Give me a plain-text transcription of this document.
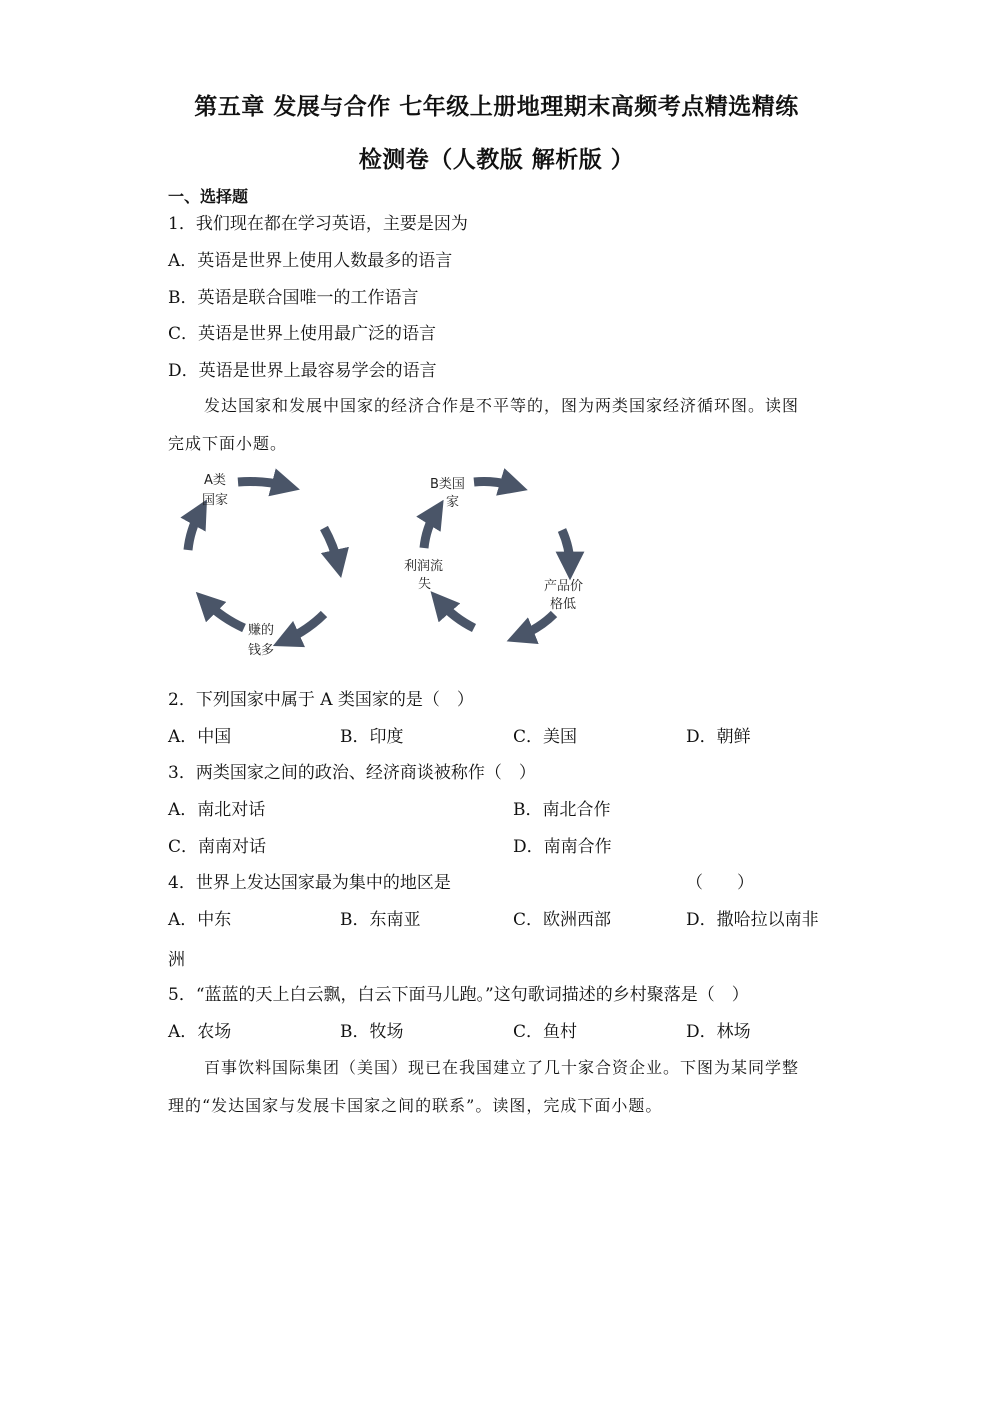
第五章 发展与合作 七年级上册地理期末高频考点精选精练
检测卷（人教版 解析版 ）
一、选择题
1．我们现在都在学习英语，主要是因为
A．英语是世界上使用人数最多的语言
B．英语是联合国唯一的工作语言
C．英语是世界上使用最广泛的语言
D．英语是世界上最容易学会的语言
发达国家和发展中国家的经济合作是不平等的，图为两类国家经济循环图。读图
完成下面小题。
A类
国家
赚的
钱多
B类国
家
利润流
失	产品价
格低
2．下列国家中属于 A 类国家的是（　）
A．中国	B．印度	C．美国	D．朝鲜
3．两类国家之间的政治、经济商谈被称作（　）
A．南北对话	B．南北合作
C．南南对话	D．南南合作
4．世界上发达国家最为集中的地区是	（　　）
A．中东	B．东南亚	C．欧洲西部	D．撒哈拉以南非
洲
5．“蓝蓝的天上白云飘，白云下面马儿跑。”这句歌词描述的乡村聚落是（　）
A．农场	B．牧场	C．鱼村	D．林场
百事饮料国际集团（美国）现已在我国建立了几十家合资企业。下图为某同学整
理的“发达国家与发展卡国家之间的联系”。读图，完成下面小题。
